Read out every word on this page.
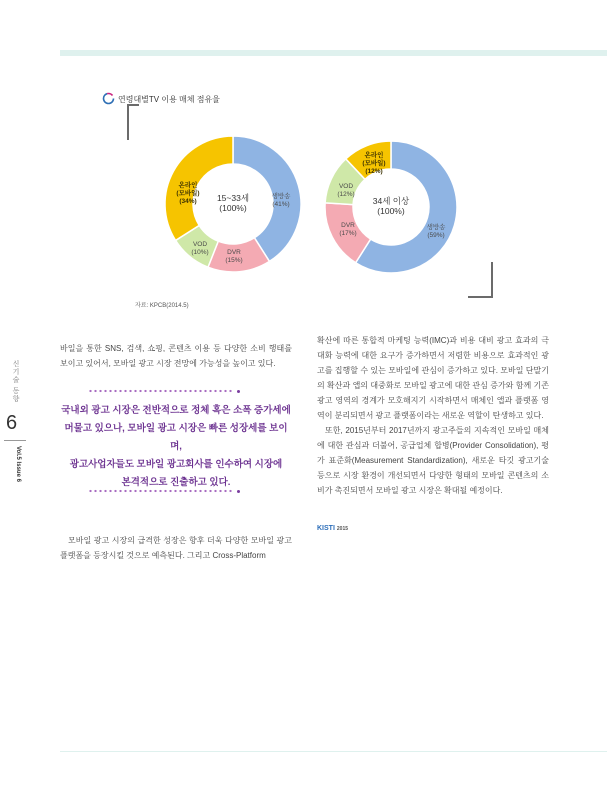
연령대별TV 이용 매체 점유율
생방송 (41%)
DVR (15%)
VOD (10%)
온라인 (모바일) (34%)	15~33세 (100%)
생방송 (59%)
DVR (17%)
VOD (12%)
온라인 (모바일) (12%)
34세 이상 (100%)
자료: KPCB(2014.5)
신기술 동향
6
Vol.5 Issue 6

바일을 통한 SNS, 검색, 쇼핑, 콘텐츠 이용 등 다양한 소비 행태를 보이고 있어서, 모바일 광고 시장 전망에 가능성을 높이고 있다.

국내외 광고 시장은 전반적으로 정체 혹은 소폭 증가세에

머물고 있으나, 모바일 광고 시장은 빠른 성장세를 보이며,

광고사업자들도 모바일 광고회사를 인수하여 시장에

본격적으로 진출하고 있다.

모바일 광고 시장의 급격한 성장은 향후 더욱 다양한 모바일 광고 플랫폼을 등장시킬 것으로 예측된다. 그리고 Cross-Platform

확산에 따른 통합적 마케팅 능력(IMC)과 비용 대비 광고 효과의 극대화 능력에 대한 요구가 증가하면서 저렴한 비용으로 효과적인 광고를 집행할 수 있는 모바일에 관심이 증가하고 있다. 모바일 단말기의 확산과 앱의 대중화로 모바일 광고에 대한 관심 증가와 함께 기존 광고 영역의 경계가 모호해지기 시작하면서 매체인 앱과 플랫폼 영역이 분리되면서 광고 플랫폼이라는 새로운 역할이 탄생하고 있다.

또한, 2015년부터 2017년까지 광고주들의 지속적인 모바일 매체에 대한 관심과 더불어, 공급업체 합병(Provider Consolidation), 평가 표준화(Measurement Standardization), 새로운 타깃 광고기술 등으로 시장 환경이 개선되면서 다양한 형태의 모바일 콘텐츠의 소비가 촉진되면서 모바일 광고 시장은 확대될 예정이다.

KISTI 2015
